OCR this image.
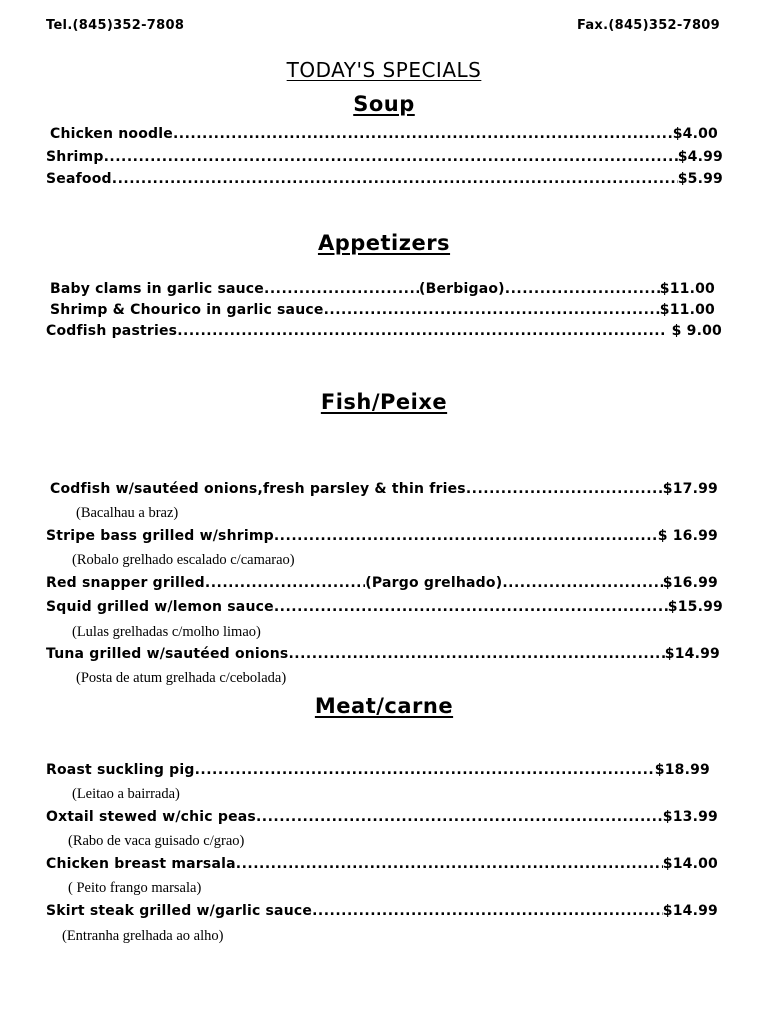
Tel.(845)352-7808	Fax.(845)352-7809
TODAY'S SPECIALS
Soup
Chicken noodle .....	$4.00
Shrimp .....	$4.99
Seafood .....	$5.99
Appetizers
Baby clams in garlic sauce .....	(Berbigao) .....	$11.00
Shrimp & Chourico in garlic sauce .....	$11.00
Codfish pastries .....	$ 9.00
Fish/Peixe
Codfish w/sautéed onions,fresh parsley & thin fries .....	$17.99
(Bacalhau a braz)
Stripe bass grilled w/shrimp .....	$ 16.99
(Robalo grelhado escalado c/camarao)
Red snapper grilled .....	(Pargo grelhado) .....	$16.99
Squid grilled w/lemon sauce .....	$15.99
(Lulas grelhadas c/molho limao)
Tuna grilled w/sautéed onions .....	$14.99
(Posta de atum grelhada c/cebolada)
Meat/carne
Roast suckling pig .....	$18.99
(Leitao a bairrada)
Oxtail stewed w/chic peas .....	$13.99
(Rabo de vaca guisado c/grao)
Chicken breast marsala .....	$14.00
( Peito frango marsala)
Skirt steak grilled w/garlic sauce .....	$14.99
(Entranha grelhada ao alho)
